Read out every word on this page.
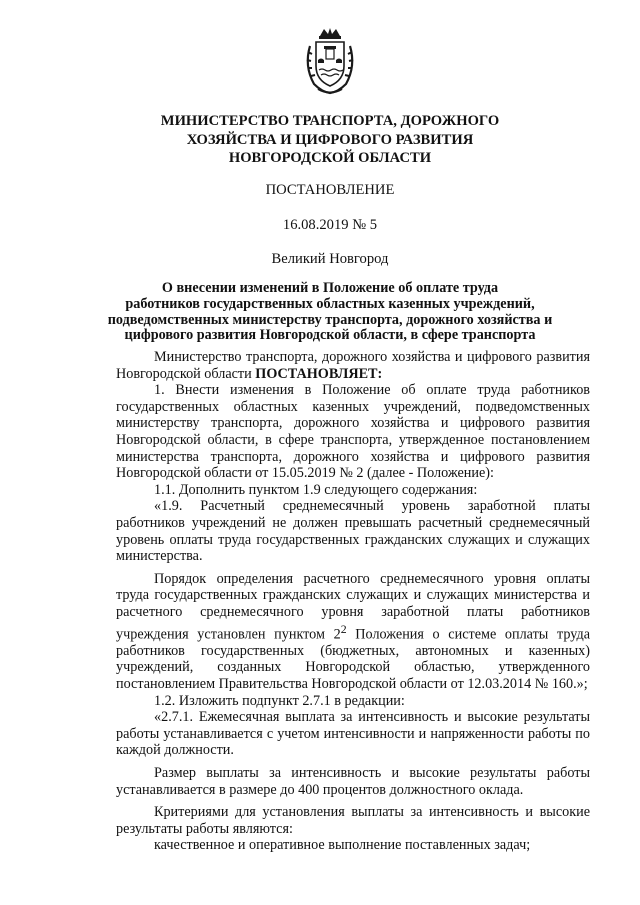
МИНИСТЕРСТВО ТРАНСПОРТА, ДОРОЖНОГО
ХОЗЯЙСТВА И ЦИФРОВОГО РАЗВИТИЯ
НОВГОРОДСКОЙ ОБЛАСТИ
ПОСТАНОВЛЕНИЕ
16.08.2019 № 5
Великий Новгород
О внесении изменений в Положение об оплате труда
работников государственных областных казенных учреждений,
подведомственных министерству транспорта, дорожного хозяйства и
цифрового развития Новгородской области, в сфере транспорта

Министерство транспорта, дорожного хозяйства и цифрового развития Новгородской области ПОСТАНОВЛЯЕТ:

1. Внести изменения в Положение об оплате труда работников государственных областных казенных учреждений, подведомственных министерству транспорта, дорожного хозяйства и цифрового развития Новгородской области, в сфере транспорта, утвержденное постановлением министерства транспорта, дорожного хозяйства и цифрового развития Новгородской области от 15.05.2019 № 2 (далее - Положение):

1.1. Дополнить пунктом 1.9 следующего содержания:

«1.9. Расчетный среднемесячный уровень заработной платы работников учреждений не должен превышать расчетный среднемесячный уровень оплаты труда государственных гражданских служащих и служащих министерства.

Порядок определения расчетного среднемесячного уровня оплаты труда государственных гражданских служащих и служащих министерства и расчетного среднемесячного уровня заработной платы работников учреждения установлен пунктом $2^2$ Положения о системе оплаты труда работников государственных (бюджетных, автономных и казенных) учреждений, созданных Новгородской областью, утвержденного постановлением Правительства Новгородской области от 12.03.2014 № 160.»;

1.2. Изложить подпункт 2.7.1 в редакции:

«2.7.1. Ежемесячная выплата за интенсивность и высокие результаты работы устанавливается с учетом интенсивности и напряженности работы по каждой должности.

Размер выплаты за интенсивность и высокие результаты работы устанавливается в размере до 400 процентов должностного оклада.

Критериями для установления выплаты за интенсивность и высокие результаты работы являются:

качественное и оперативное выполнение поставленных задач;
